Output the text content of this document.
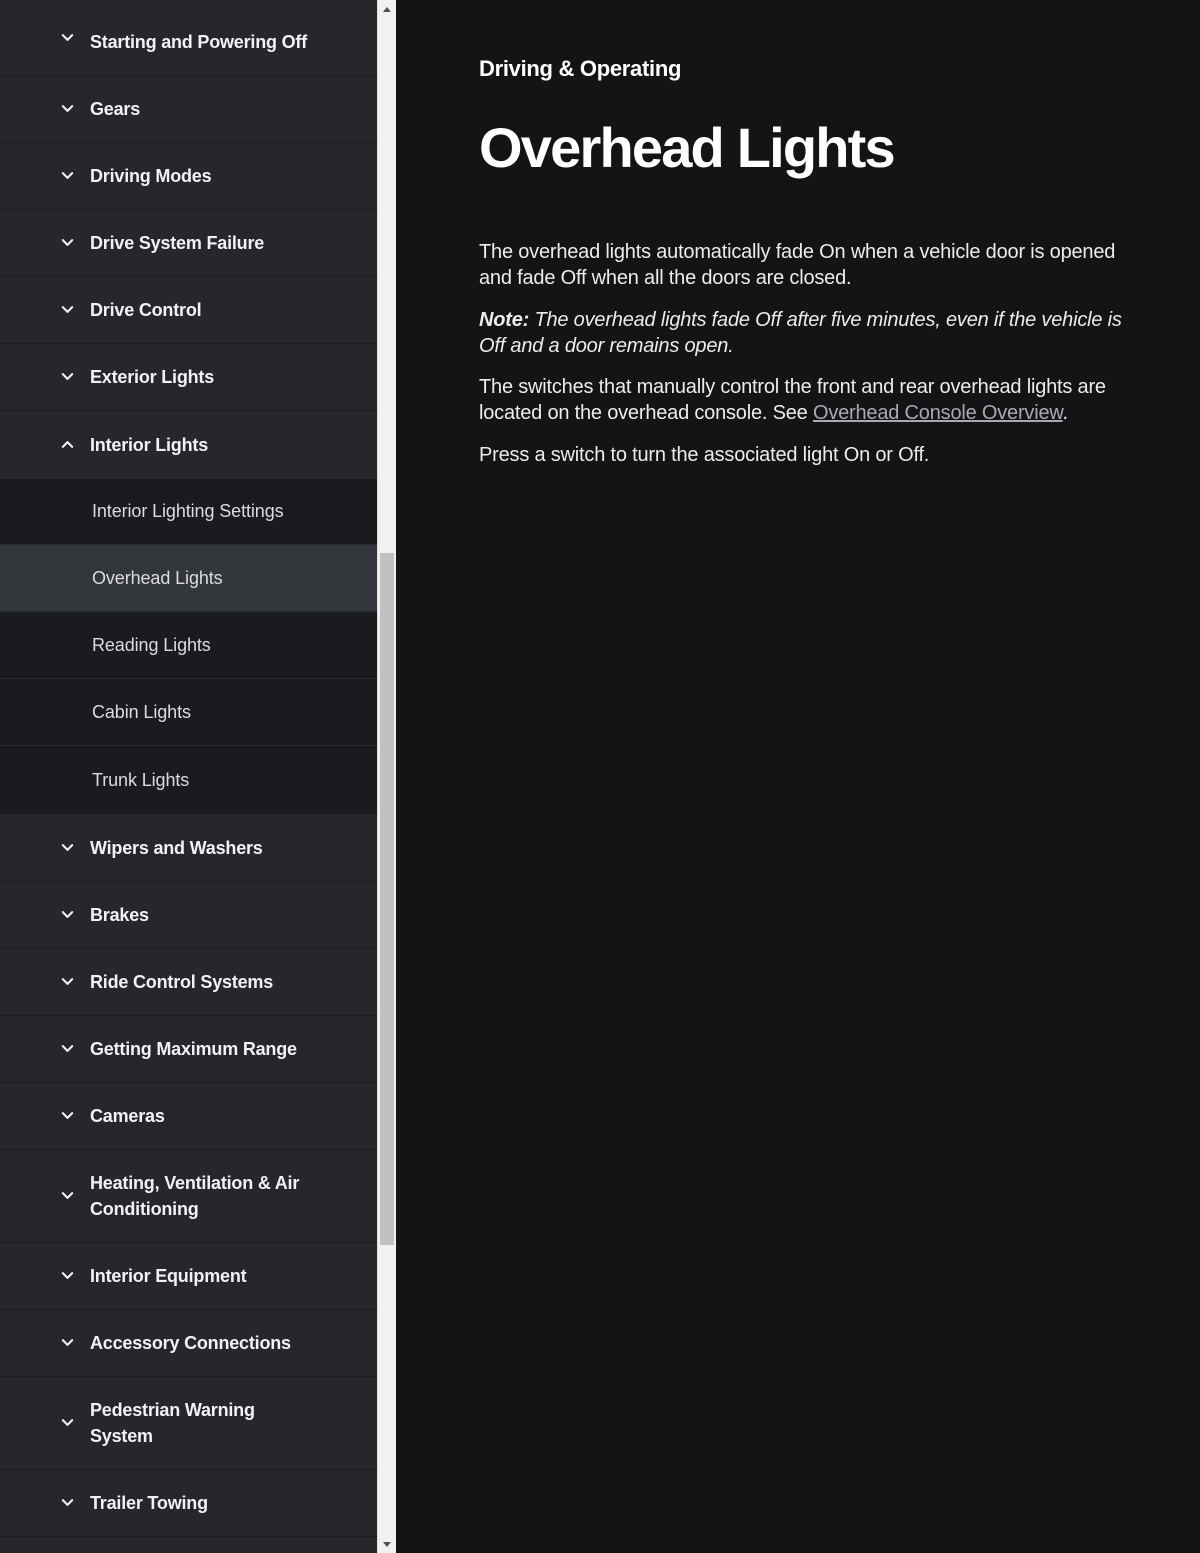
Starting and Powering Off
Gears
Driving Modes
Drive System Failure
Drive Control
Exterior Lights
Interior Lights
Interior Lighting Settings
Overhead Lights
Reading Lights
Cabin Lights
Trunk Lights
Wipers and Washers
Brakes
Ride Control Systems
Getting Maximum Range
Cameras
Heating, Ventilation & Air Conditioning
Interior Equipment
Accessory Connections
Pedestrian Warning System
Trailer Towing
Driving & Operating
Overhead Lights

The overhead lights automatically fade On when a vehicle door is opened and fade Off when all the doors are closed.

Note: The overhead lights fade Off after five minutes, even if the vehicle is Off and a door remains open.

The switches that manually control the front and rear overhead lights are located on the overhead console. See Overhead Console Overview.

Press a switch to turn the associated light On or Off.
